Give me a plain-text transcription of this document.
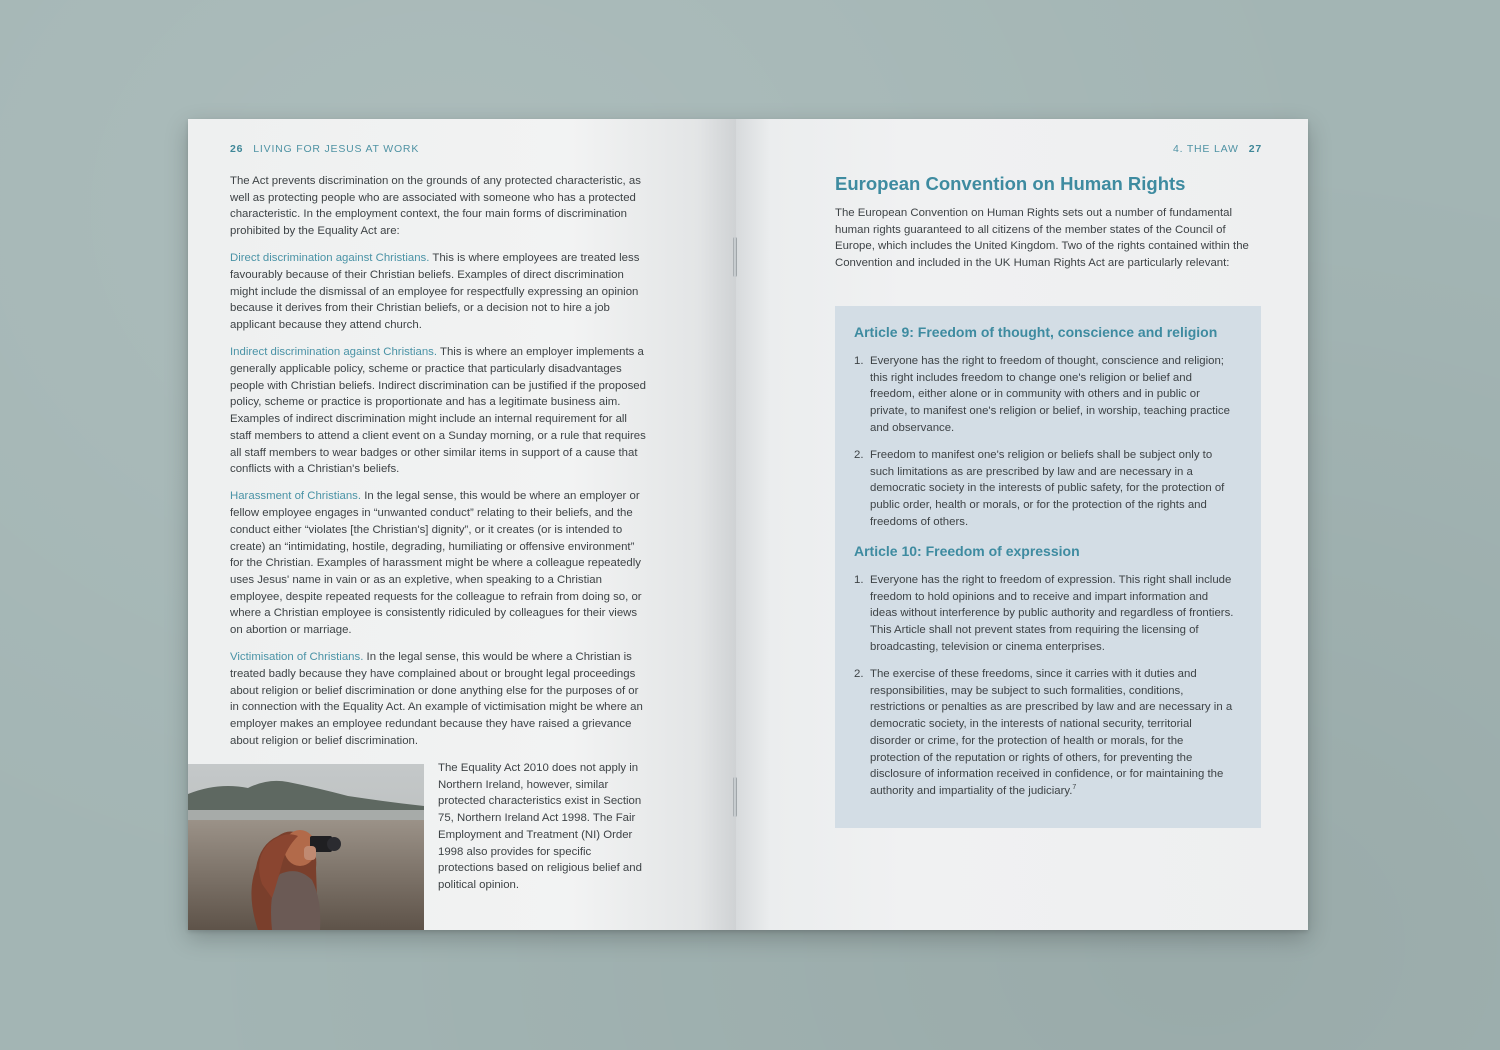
26 LIVING FOR JESUS AT WORK

The Act prevents discrimination on the grounds of any protected characteristic, as well as protecting people who are associated with someone who has a protected characteristic. In the employment context, the four main forms of discrimination prohibited by the Equality Act are:

Direct discrimination against Christians. This is where employees are treated less favourably because of their Christian beliefs. Examples of direct discrimination might include the dismissal of an employee for respectfully expressing an opinion because it derives from their Christian beliefs, or a decision not to hire a job applicant because they attend church.

Indirect discrimination against Christians. This is where an employer implements a generally applicable policy, scheme or practice that particularly disadvantages people with Christian beliefs. Indirect discrimination can be justified if the proposed policy, scheme or practice is proportionate and has a legitimate business aim. Examples of indirect discrimination might include an internal requirement for all staff members to attend a client event on a Sunday morning, or a rule that requires all staff members to wear badges or other similar items in support of a cause that conflicts with a Christian's beliefs.

Harassment of Christians. In the legal sense, this would be where an employer or fellow employee engages in “unwanted conduct” relating to their beliefs, and the conduct either “violates [the Christian's] dignity”, or it creates (or is intended to create) an “intimidating, hostile, degrading, humiliating or offensive environment” for the Christian. Examples of harassment might be where a colleague repeatedly uses Jesus' name in vain or as an expletive, when speaking to a Christian employee, despite repeated requests for the colleague to refrain from doing so, or where a Christian employee is consistently ridiculed by colleagues for their views on abortion or marriage.

Victimisation of Christians. In the legal sense, this would be where a Christian is treated badly because they have complained about or brought legal proceedings about religion or belief discrimination or done anything else for the purposes of or in connection with the Equality Act. An example of victimisation might be where an employer makes an employee redundant because they have raised a grievance about religion or belief discrimination.

The Equality Act 2010 does not apply in Northern Ireland, however, similar protected characteristics exist in Section 75, Northern Ireland Act 1998. The Fair Employment and Treatment (NI) Order 1998 also provides for specific protections based on religious belief and political opinion.
4. THE LAW 27
European Convention on Human Rights

The European Convention on Human Rights sets out a number of fundamental human rights guaranteed to all citizens of the member states of the Council of Europe, which includes the United Kingdom. Two of the rights contained within the Convention and included in the UK Human Rights Act are particularly relevant:

Article 9: Freedom of thought, conscience and religion
1. Everyone has the right to freedom of thought, conscience and religion; this right includes freedom to change one's religion or belief and freedom, either alone or in community with others and in public or private, to manifest one's religion or belief, in worship, teaching practice and observance.
2. Freedom to manifest one's religion or beliefs shall be subject only to such limitations as are prescribed by law and are necessary in a democratic society in the interests of public safety, for the protection of public order, health or morals, or for the protection of the rights and freedoms of others.
Article 10: Freedom of expression
1. Everyone has the right to freedom of expression. This right shall include freedom to hold opinions and to receive and impart information and ideas without interference by public authority and regardless of frontiers. This Article shall not prevent states from requiring the licensing of broadcasting, television or cinema enterprises.
2. The exercise of these freedoms, since it carries with it duties and responsibilities, may be subject to such formalities, conditions, restrictions or penalties as are prescribed by law and are necessary in a democratic society, in the interests of national security, territorial disorder or crime, for the protection of health or morals, for the protection of the reputation or rights of others, for preventing the disclosure of information received in confidence, or for maintaining the authority and impartiality of the judiciary.$^7$
